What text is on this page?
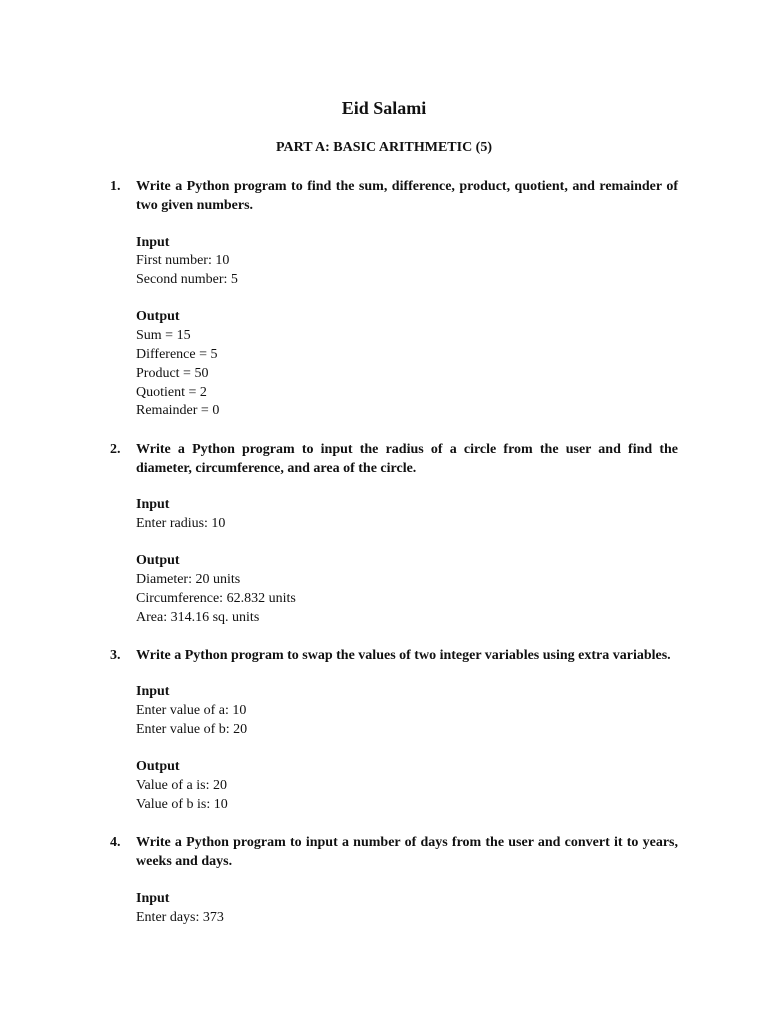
Eid Salami
PART A: BASIC ARITHMETIC (5)
1.	Write a Python program to find the sum, difference, product, quotient, and remainder of two given numbers.
Input
First number: 10
Second number: 5
Output
Sum = 15
Difference = 5
Product = 50
Quotient = 2
Remainder = 0
2.	Write a Python program to input the radius of a circle from the user and find the diameter, circumference, and area of the circle.
Input
Enter radius: 10
Output
Diameter: 20 units
Circumference: 62.832 units
Area: 314.16 sq. units
3.	Write a Python program to swap the values of two integer variables using extra variables.
Input
Enter value of a: 10
Enter value of b: 20
Output
Value of a is: 20
Value of b is: 10
4.	Write a Python program to input a number of days from the user and convert it to years, weeks and days.
Input
Enter days: 373
